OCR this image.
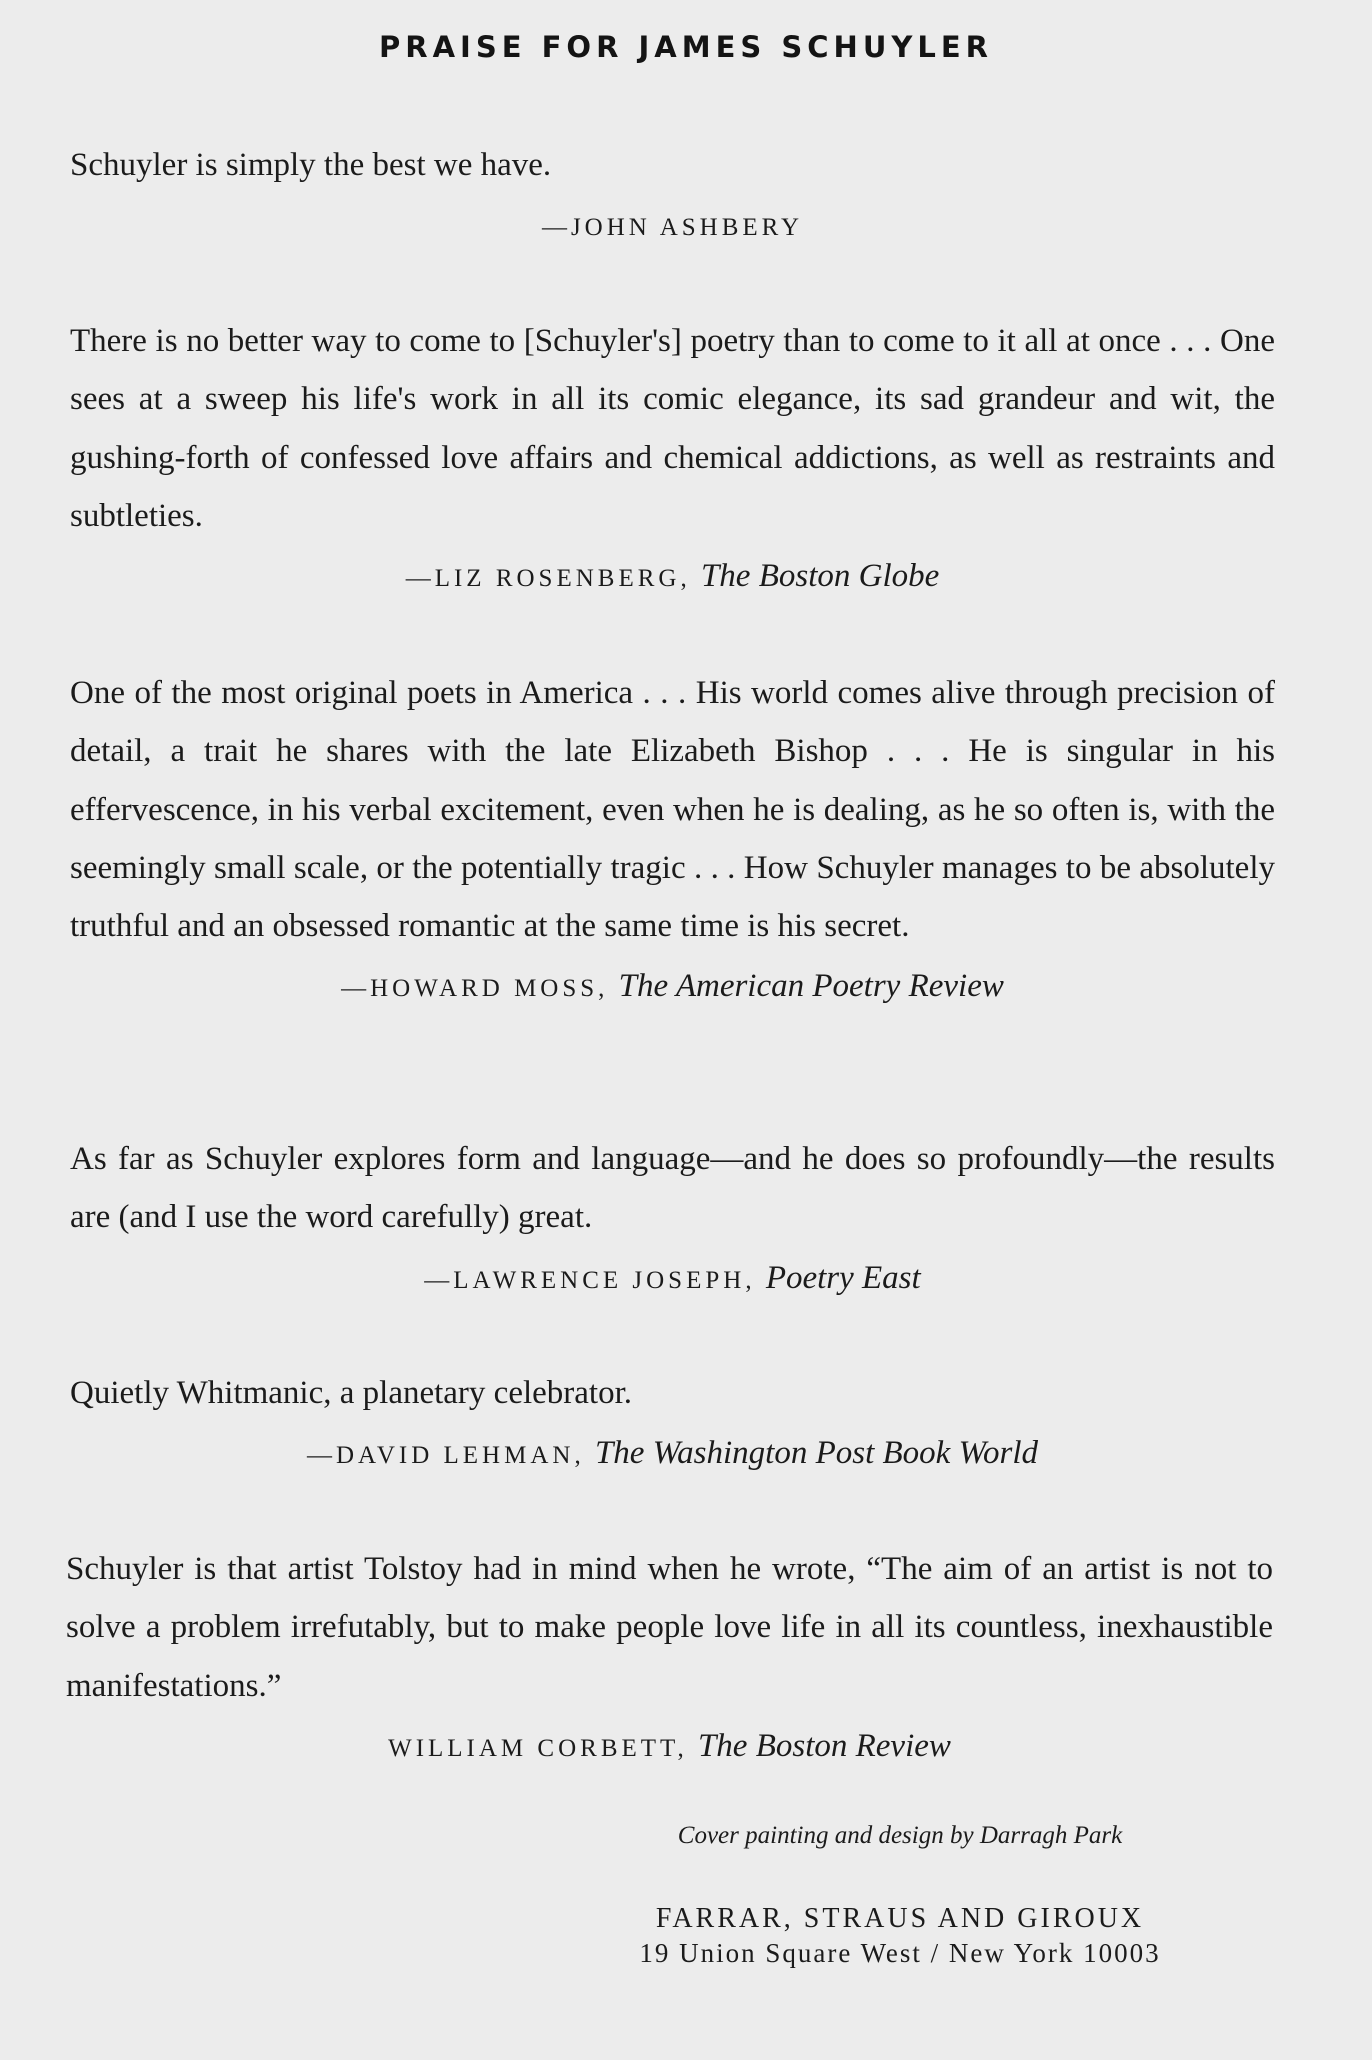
PRAISE FOR JAMES SCHUYLER

Schuyler is simply the best we have.

—JOHN ASHBERY

There is no better way to come to [Schuyler's] poetry than to come to it all at once . . . One sees at a sweep his life's work in all its comic elegance, its sad grandeur and wit, the gushing-forth of confessed love affairs and chemical addictions, as well as restraints and subtleties.

—LIZ ROSENBERG, The Boston Globe

One of the most original poets in America . . . His world comes alive through precision of detail, a trait he shares with the late Elizabeth Bishop . . . He is singular in his effervescence, in his verbal excitement, even when he is dealing, as he so often is, with the seemingly small scale, or the potentially tragic . . . How Schuyler manages to be absolutely truthful and an obsessed romantic at the same time is his secret.

—HOWARD MOSS, The American Poetry Review

As far as Schuyler explores form and language—and he does so profoundly—the results are (and I use the word carefully) great.

—LAWRENCE JOSEPH, Poetry East

Quietly Whitmanic, a planetary celebrator.

—DAVID LEHMAN, The Washington Post Book World

Schuyler is that artist Tolstoy had in mind when he wrote, “The aim of an artist is not to solve a problem irrefutably, but to make people love life in all its countless, inexhaustible manifestations.”

WILLIAM CORBETT, The Boston Review

Cover painting and design by Darragh Park
FARRAR, STRAUS AND GIROUX
19 Union Square West / New York 10003
